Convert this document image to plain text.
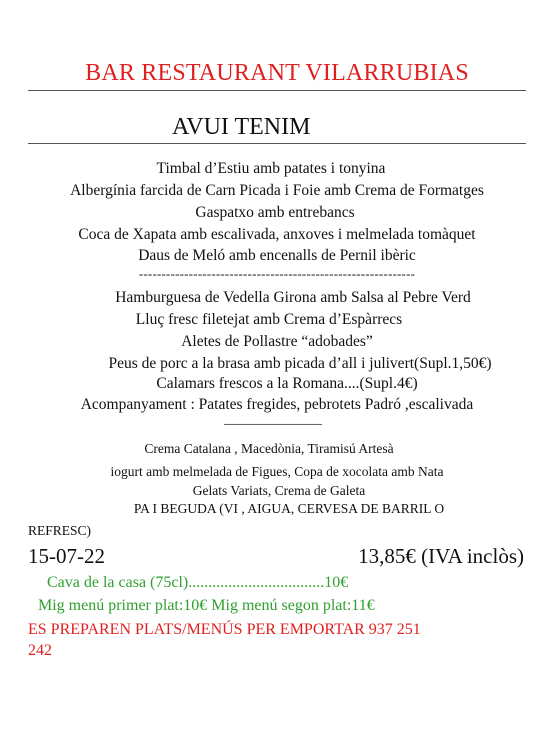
BAR RESTAURANT VILARRUBIAS
AVUI TENIM
Timbal d’Estiu amb patates i tonyina
Albergínia farcida de Carn Picada i Foie amb Crema de Formatges
Gaspatxo amb entrebancs
Coca de Xapata amb escalivada, anxoves i melmelada tomàquet
Daus de Meló amb encenalls de Pernil ibèric
-------------------------------------------------------------
Hamburguesa de Vedella Girona amb Salsa al Pebre Verd
Lluç fresc filetejat amb Crema d’Espàrrecs
Aletes de Pollastre “adobades”
Peus de porc a la brasa amb picada d’all i julivert(Supl.1,50€)
Calamars frescos a la Romana....(Supl.4€)
Acompanyament : Patates fregides, pebrotets Padró ,escalivada
______________
Crema Catalana , Macedònia, Tiramisú Artesà
iogurt amb melmelada de Figues, Copa de xocolata amb Nata
Gelats Variats, Crema de Galeta
PA I BEGUDA (VI , AIGUA, CERVESA DE BARRIL O
REFRESC)
15-07-22	13,85€ (IVA inclòs)
Cava de la casa (75cl)..................................10€
Mig menú primer plat:10€ Mig menú segon plat:11€
ES PREPAREN PLATS/MENÚS PER EMPORTAR 937 251
242
